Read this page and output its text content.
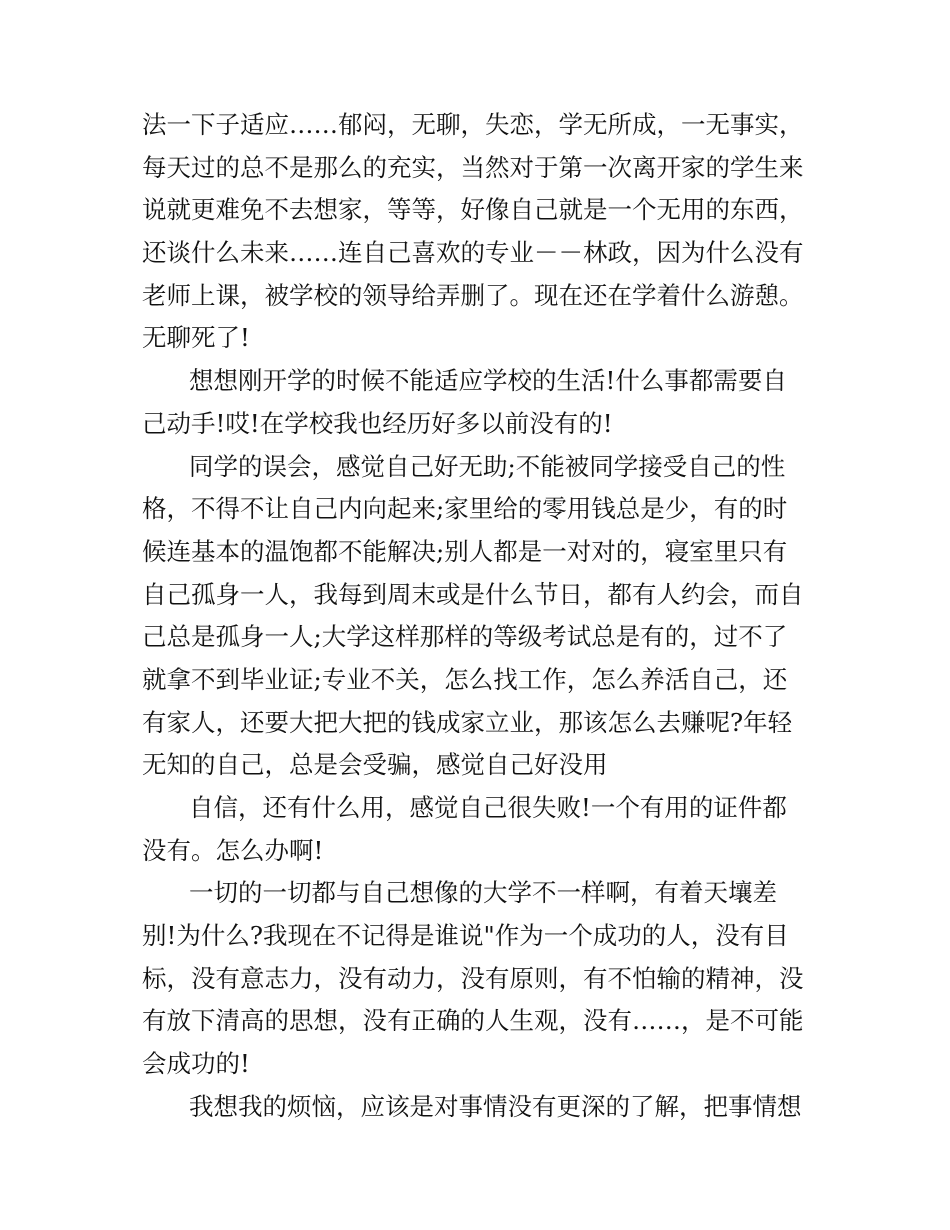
法一下子适应……郁闷，无聊，失恋，学无所成，一无事实，
每天过的总不是那么的充实，当然对于第一次离开家的学生来
说就更难免不去想家，等等，好像自己就是一个无用的东西，
还谈什么未来……连自己喜欢的专业－－林政，因为什么没有
老师上课，被学校的领导给弄删了。现在还在学着什么游憩。
无聊死了!
想想刚开学的时候不能适应学校的生活!什么事都需要自
己动手!哎!在学校我也经历好多以前没有的!
同学的误会，感觉自己好无助;不能被同学接受自己的性
格，不得不让自己内向起来;家里给的零用钱总是少，有的时
候连基本的温饱都不能解决;别人都是一对对的，寝室里只有
自己孤身一人，我每到周末或是什么节日，都有人约会，而自
己总是孤身一人;大学这样那样的等级考试总是有的，过不了
就拿不到毕业证;专业不关，怎么找工作，怎么养活自己，还
有家人，还要大把大把的钱成家立业，那该怎么去赚呢?年轻
无知的自己，总是会受骗，感觉自己好没用
自信，还有什么用，感觉自己很失败!一个有用的证件都
没有。怎么办啊!
一切的一切都与自己想像的大学不一样啊，有着天壤差
别!为什么?我现在不记得是谁说"作为一个成功的人，没有目
标，没有意志力，没有动力，没有原则，有不怕输的精神，没
有放下清高的思想，没有正确的人生观，没有……，是不可能
会成功的!
我想我的烦恼，应该是对事情没有更深的了解，把事情想
